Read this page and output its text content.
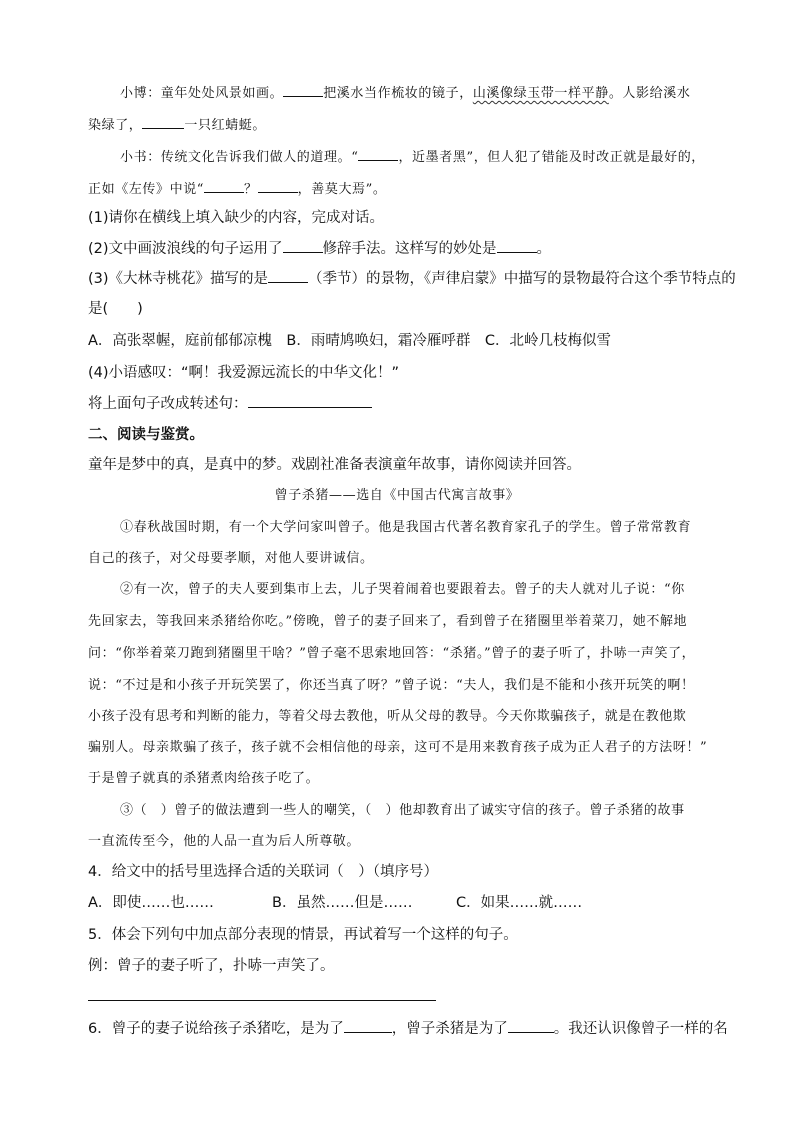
小博：童年处处风景如画。	把溪水当作梳妆的镜子，山溪像绿玉带一样平静。人影给溪水
染绿了，	一只红蜻蜓。
小书：传统文化告诉我们做人的道理。“	，近墨者黑”，但人犯了错能及时改正就是最好的，
正如《左传》中说“	？	，善莫大焉”。
(1)请你在横线上填入缺少的内容，完成对话。
(2)文中画波浪线的句子运用了	修辞手法。这样写的妙处是	。
(3)《大林寺桃花》描写的是	（季节）的景物，《声律启蒙》中描写的景物最符合这个季节特点的
是(　　)
A．高张翠幄，庭前郁郁凉槐　B．雨晴鸠唤妇，霜冷雁呼群　C．北岭几枝梅似雪
(4)小语感叹：“啊！我爱源远流长的中华文化！”
将上面句子改成转述句：
二、阅读与鉴赏。
童年是梦中的真，是真中的梦。戏剧社准备表演童年故事，请你阅读并回答。
曾子杀猪——选自《中国古代寓言故事》
①春秋战国时期，有一个大学问家叫曾子。他是我国古代著名教育家孔子的学生。曾子常常教育
自己的孩子，对父母要孝顺，对他人要讲诚信。
②有一次，曾子的夫人要到集市上去，儿子哭着闹着也要跟着去。曾子的夫人就对儿子说：“你
先回家去，等我回来杀猪给你吃。”傍晚，曾子的妻子回来了，看到曾子在猪圈里举着菜刀，她不解地
问：“你举着菜刀跑到猪圈里干啥？”曾子毫不思索地回答：“杀猪。”曾子的妻子听了，扑哧一声笑了，
说：“不过是和小孩子开玩笑罢了，你还当真了呀？”曾子说：“夫人，我们是不能和小孩开玩笑的啊！
小孩子没有思考和判断的能力，等着父母去教他，听从父母的教导。今天你欺骗孩子，就是在教他欺
骗别人。母亲欺骗了孩子，孩子就不会相信他的母亲，这可不是用来教育孩子成为正人君子的方法呀！”
于是曾子就真的杀猪煮肉给孩子吃了。
③（　）曾子的做法遭到一些人的嘲笑，（　）他却教育出了诚实守信的孩子。曾子杀猪的故事
一直流传至今，他的人品一直为后人所尊敬。
4．给文中的括号里选择合适的关联词（　）（填序号）
A．即使……也……	B．虽然……但是……	C．如果……就……
5．体会下列句中加点部分表现的情景，再试着写一个这样的句子。
例：曾子的妻子听了，扑哧一声笑了。
6．曾子的妻子说给孩子杀猪吃，是为了	，曾子杀猪是为了	。我还认识像曾子一样的名
